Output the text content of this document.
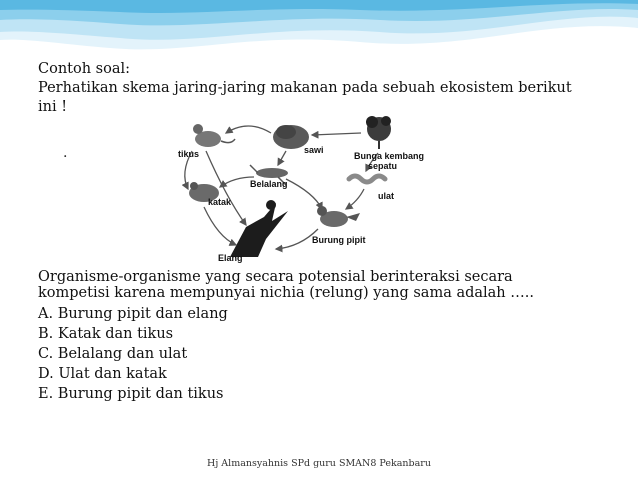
Contoh soal:
Perhatikan skema jaring-jaring makanan pada sebuah ekosistem berikut
ini !
.	tikus	sawi
Bunga kembang
sepatu
Belalang
katak
ulat
Burung pipit
Elang
Organisme-organisme yang secara potensial berinteraksi secara
kompetisi karena mempunyai nichia (relung) yang sama adalah …..
A. Burung pipit dan elang
B. Katak dan tikus
C. Belalang dan ulat
D. Ulat dan katak
E. Burung pipit dan tikus
Hj Almansyahnis SPd guru SMAN8 Pekanbaru
